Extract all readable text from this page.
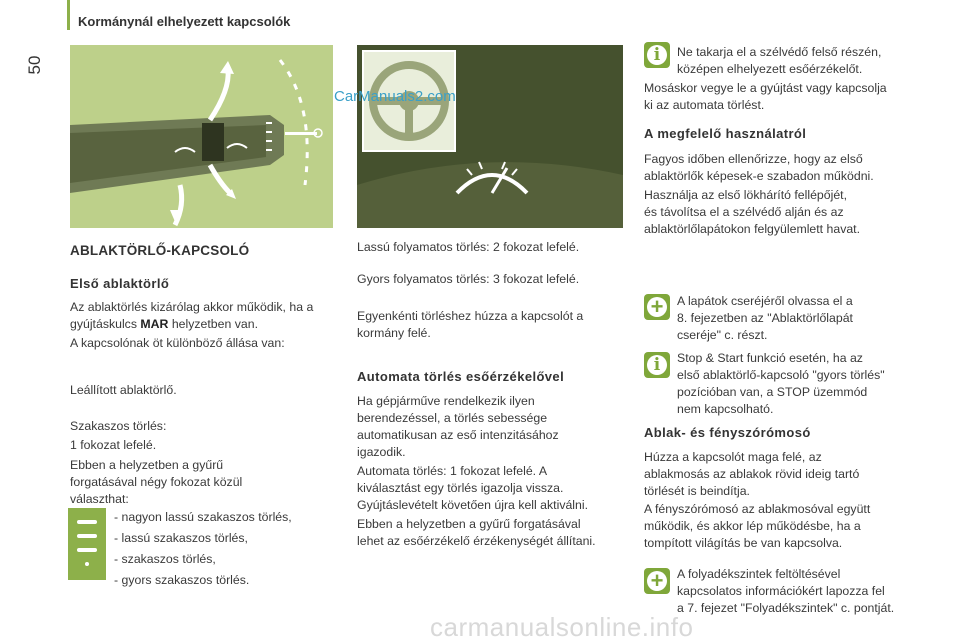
Kormánynál elhelyezett kapcsolók
50
CarManuals2.com
ABLAKTÖRLŐ-KAPCSOLÓ
Első ablaktörlő
Az ablaktörlés kizárólag akkor működik, ha a
gyújtáskulcs MAR helyzetben van.
A kapcsolónak öt különböző állása van:
Leállított ablaktörlő.
Szakaszos törlés:
1 fokozat lefelé.
Ebben a helyzetben a gyűrű
forgatásával négy fokozat közül
választhat:
- nagyon lassú szakaszos törlés,
- lassú szakaszos törlés,
- szakaszos törlés,
- gyors szakaszos törlés.
Lassú folyamatos törlés: 2 fokozat lefelé.
Gyors folyamatos törlés: 3 fokozat lefelé.
Egyenkénti törléshez húzza a kapcsolót a
kormány felé.
Automata törlés esőérzékelővel
Ha gépjárműve rendelkezik ilyen
berendezéssel, a törlés sebessége
automatikusan az eső intenzitásához
igazodik.
Automata törlés: 1 fokozat lefelé. A
kiválasztást egy törlés igazolja vissza.
Gyújtáslevételt követően újra kell aktiválni.
Ebben a helyzetben a gyűrű forgatásával
lehet az esőérzékelő érzékenységét állítani.
i
Ne takarja el a szélvédő felső részén,
középen elhelyezett esőérzékelőt.
Mosáskor vegye le a gyújtást vagy kapcsolja
ki az automata törlést.
A megfelelő használatról
Fagyos időben ellenőrizze, hogy az első
ablaktörlők képesek-e szabadon működni.
Használja az első lökhárító fellépőjét,
és távolítsa el a szélvédő alján és az
ablaktörlőlapátokon felgyülemlett havat.
+
A lapátok cseréjéről olvassa el a
8. fejezetben az "Ablaktörlőlapát
cseréje" c. részt.
i
Stop & Start funkció esetén, ha az
első ablaktörlő-kapcsoló "gyors törlés"
pozícióban van, a STOP üzemmód
nem kapcsolható.
Ablak- és fényszórómosó
Húzza a kapcsolót maga felé, az
ablakmosás az ablakok rövid ideig tartó
törlését is beindítja.
A fényszórómosó az ablakmosóval együtt
működik, és akkor lép működésbe, ha a
tompított világítás be van kapcsolva.
+
A folyadékszintek feltöltésével
kapcsolatos információkért lapozza fel
a 7. fejezet "Folyadékszintek" c. pontját.
carmanualsonline.info
